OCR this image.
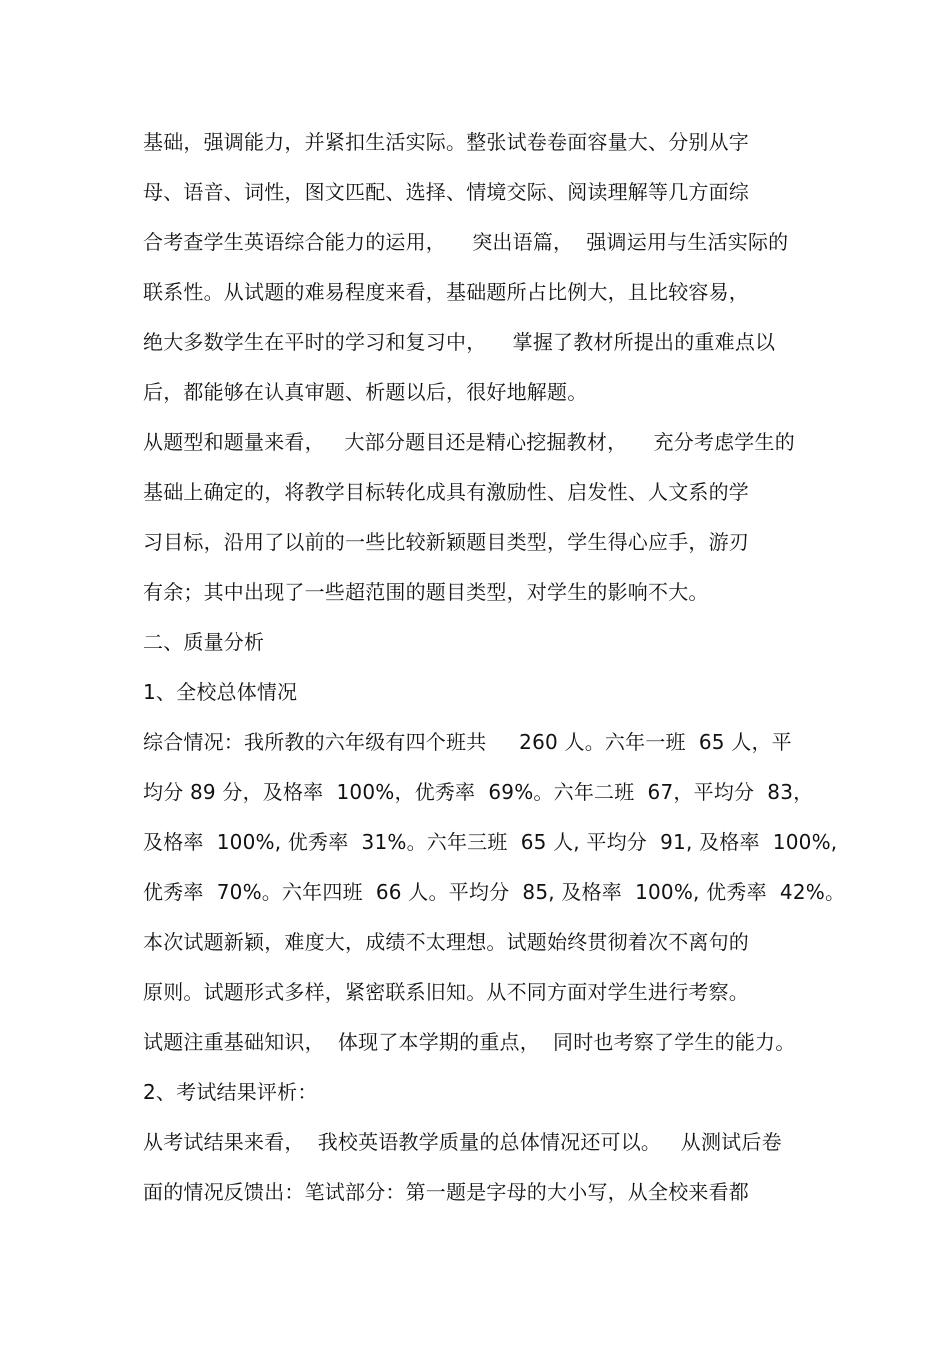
基础，强调能力，并紧扣生活实际。整张试卷卷面容量大、分别从字
母、语音、词性，图文匹配、选择、情境交际、阅读理解等几方面综
合考查学生英语综合能力的运用，    突出语篇，  强调运用与生活实际的
联系性。从试题的难易程度来看，基础题所占比例大，且比较容易，
绝大多数学生在平时的学习和复习中，    掌握了教材所提出的重难点以
后，都能够在认真审题、析题以后，很好地解题。
从题型和题量来看，   大部分题目还是精心挖掘教材，    充分考虑学生的
基础上确定的，将教学目标转化成具有激励性、启发性、人文系的学
习目标，沿用了以前的一些比较新颖题目类型，学生得心应手，游刃
有余；其中出现了一些超范围的题目类型，对学生的影响不大。
二、质量分析
1、全校总体情况
综合情况：我所教的六年级有四个班共     260 人。六年一班  65 人，平
均分 89 分，及格率  100%，优秀率  69%。六年二班  67，平均分  83，
及格率  100%, 优秀率  31%。六年三班  65 人, 平均分  91, 及格率  100%,
优秀率  70%。六年四班  66 人。平均分  85, 及格率  100%, 优秀率  42%。
本次试题新颖，难度大，成绩不太理想。试题始终贯彻着次不离句的
原则。试题形式多样，紧密联系旧知。从不同方面对学生进行考察。
试题注重基础知识，  体现了本学期的重点，  同时也考察了学生的能力。
2、考试结果评析：
从考试结果来看，  我校英语教学质量的总体情况还可以。   从测试后卷
面的情况反馈出：笔试部分：第一题是字母的大小写，从全校来看都
